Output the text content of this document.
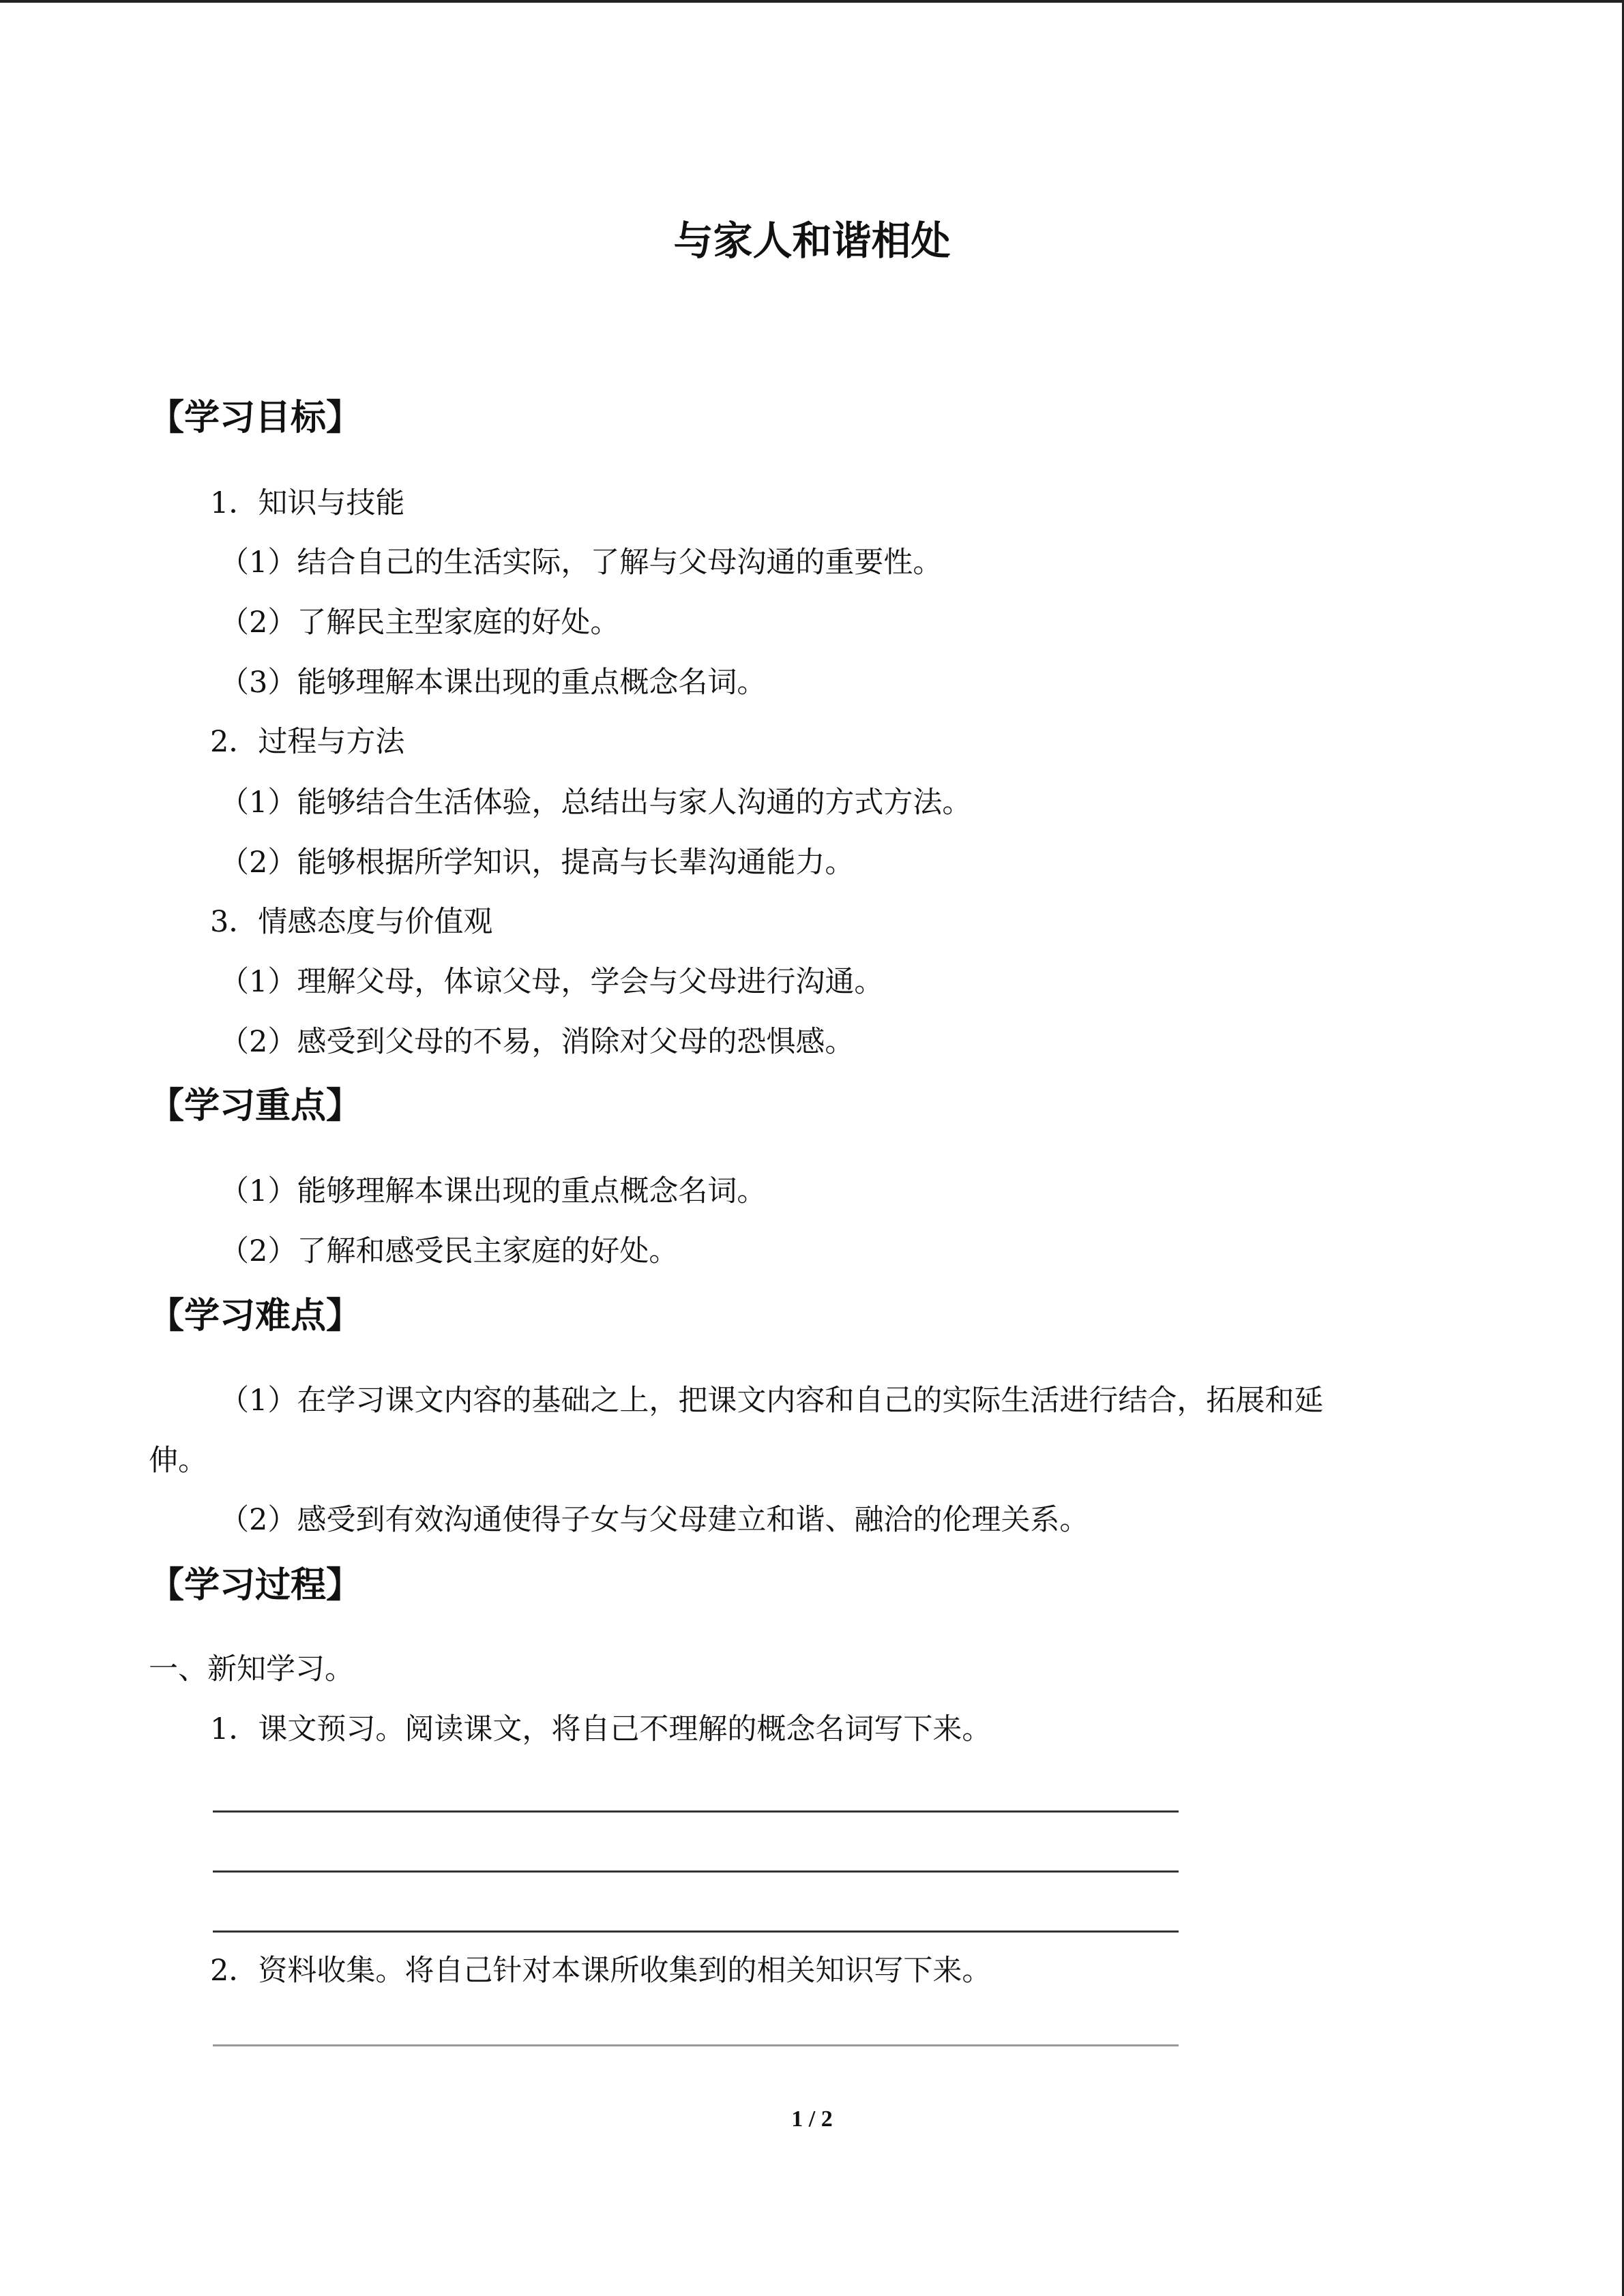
与家人和谐相处
【学习目标】
1．知识与技能
（1）结合自己的生活实际，了解与父母沟通的重要性。
（2）了解民主型家庭的好处。
（3）能够理解本课出现的重点概念名词。
2．过程与方法
（1）能够结合生活体验，总结出与家人沟通的方式方法。
（2）能够根据所学知识，提高与长辈沟通能力。
3．情感态度与价值观
（1）理解父母，体谅父母，学会与父母进行沟通。
（2）感受到父母的不易，消除对父母的恐惧感。
【学习重点】
（1）能够理解本课出现的重点概念名词。
（2）了解和感受民主家庭的好处。
【学习难点】
（1）在学习课文内容的基础之上，把课文内容和自己的实际生活进行结合，拓展和延
伸。
（2）感受到有效沟通使得子女与父母建立和谐、融洽的伦理关系。
【学习过程】
一、新知学习。
1．课文预习。阅读课文，将自己不理解的概念名词写下来。
2．资料收集。将自己针对本课所收集到的相关知识写下来。
1 / 2
